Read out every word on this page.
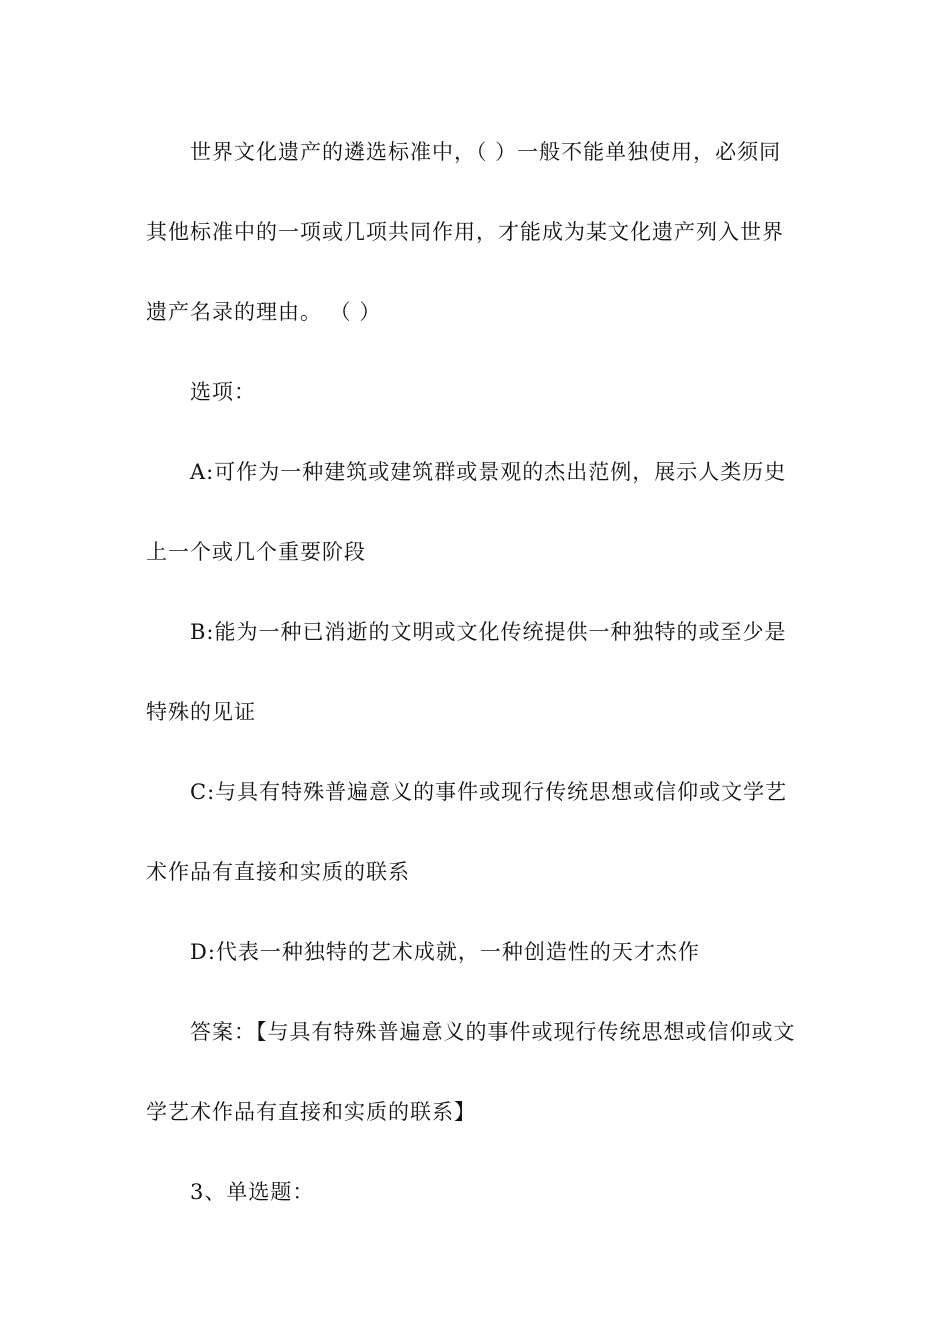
世界文化遗产的遴选标准中，（ ）一般不能单独使用，必须同其他标准中的一项或几项共同作用，才能成为某文化遗产列入世界遗产名录的理由。 （ ）

选项：

A:可作为一种建筑或建筑群或景观的杰出范例，展示人类历史上一个或几个重要阶段

B:能为一种已消逝的文明或文化传统提供一种独特的或至少是特殊的见证

C:与具有特殊普遍意义的事件或现行传统思想或信仰或文学艺术作品有直接和实质的联系

D:代表一种独特的艺术成就，一种创造性的天才杰作

答案：【与具有特殊普遍意义的事件或现行传统思想或信仰或文学艺术作品有直接和实质的联系】

3、单选题：
